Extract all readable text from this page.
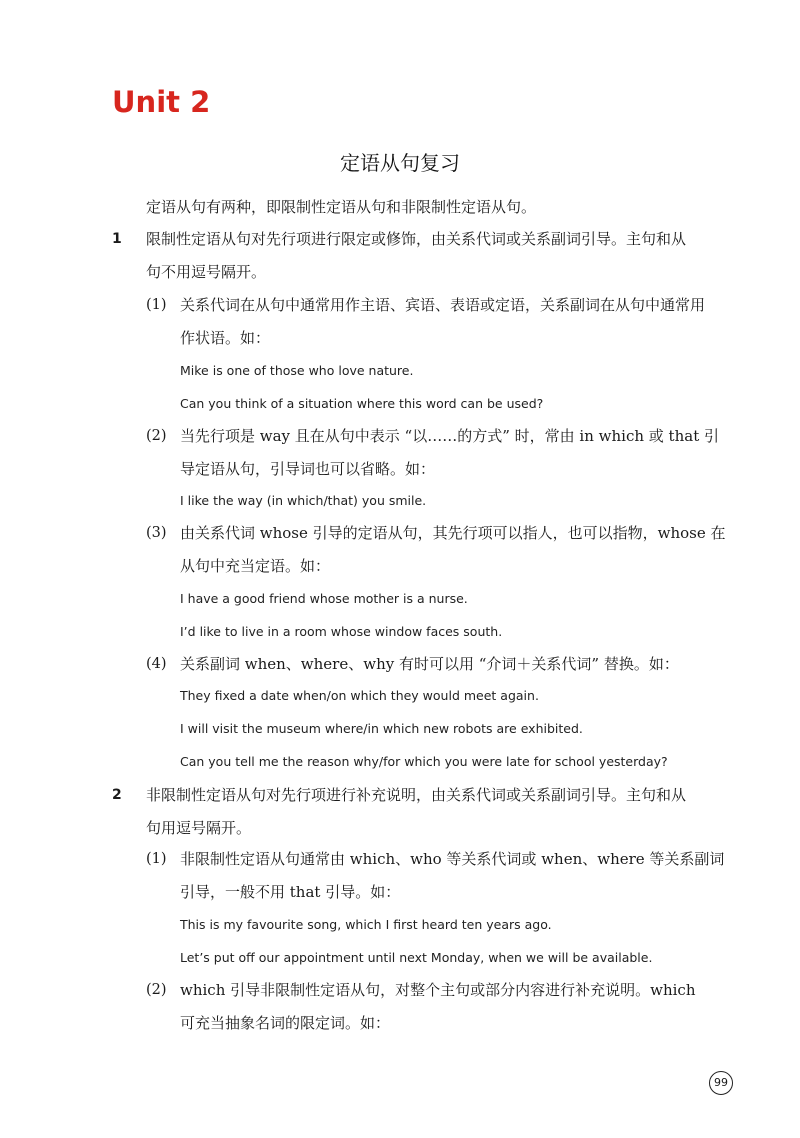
Unit 2
定语从句复习
定语从句有两种，即限制性定语从句和非限制性定语从句。
1 限制性定语从句对先行项进行限定或修饰，由关系代词或关系副词引导。主句和从
句不用逗号隔开。
(1) 关系代词在从句中通常用作主语、宾语、表语或定语，关系副词在从句中通常用
作状语。如：
Mike is one of those who love nature.
Can you think of a situation where this word can be used?
(2) 当先行项是 way 且在从句中表示 “以……的方式” 时，常由 in which 或 that 引
导定语从句，引导词也可以省略。如：
I like the way (in which/that) you smile.
(3) 由关系代词 whose 引导的定语从句，其先行项可以指人，也可以指物，whose 在
从句中充当定语。如：
I have a good friend whose mother is a nurse.
I’d like to live in a room whose window faces south.
(4) 关系副词 when、where、why 有时可以用 “介词＋关系代词” 替换。如：
They fixed a date when/on which they would meet again.
I will visit the museum where/in which new robots are exhibited.
Can you tell me the reason why/for which you were late for school yesterday?
2 非限制性定语从句对先行项进行补充说明，由关系代词或关系副词引导。主句和从
句用逗号隔开。
(1) 非限制性定语从句通常由 which、who 等关系代词或 when、where 等关系副词
引导，一般不用 that 引导。如：
This is my favourite song, which I first heard ten years ago.
Let’s put off our appointment until next Monday, when we will be available.
(2) which 引导非限制性定语从句，对整个主句或部分内容进行补充说明。which
可充当抽象名词的限定词。如：
99
